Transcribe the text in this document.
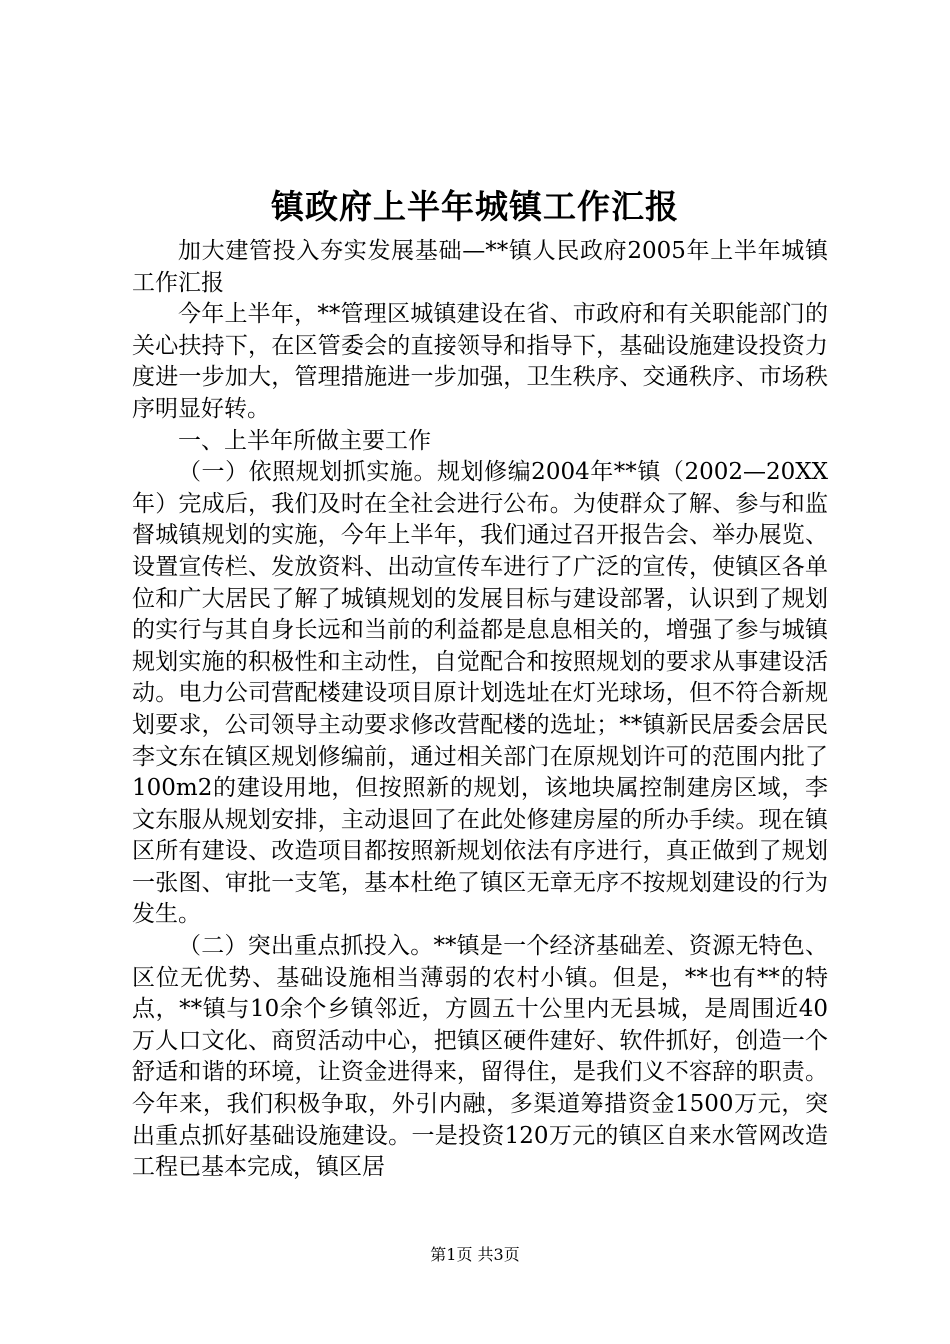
镇政府上半年城镇工作汇报

加大建管投入夯实发展基础—**镇人民政府2005年上半年城镇工作汇报

今年上半年，**管理区城镇建设在省、市政府和有关职能部门的关心扶持下，在区管委会的直接领导和指导下，基础设施建设投资力度进一步加大，管理措施进一步加强，卫生秩序、交通秩序、市场秩序明显好转。

一、上半年所做主要工作

（一）依照规划抓实施。规划修编2004年**镇（2002—20XX年）完成后，我们及时在全社会进行公布。为使群众了解、参与和监督城镇规划的实施，今年上半年，我们通过召开报告会、举办展览、设置宣传栏、发放资料、出动宣传车进行了广泛的宣传，使镇区各单位和广大居民了解了城镇规划的发展目标与建设部署，认识到了规划的实行与其自身长远和当前的利益都是息息相关的，增强了参与城镇规划实施的积极性和主动性，自觉配合和按照规划的要求从事建设活动。电力公司营配楼建设项目原计划选址在灯光球场，但不符合新规划要求，公司领导主动要求修改营配楼的选址；**镇新民居委会居民李文东在镇区规划修编前，通过相关部门在原规划许可的范围内批了100m2的建设用地，但按照新的规划，该地块属控制建房区域，李文东服从规划安排，主动退回了在此处修建房屋的所办手续。现在镇区所有建设、改造项目都按照新规划依法有序进行，真正做到了规划一张图、审批一支笔，基本杜绝了镇区无章无序不按规划建设的行为发生。

（二）突出重点抓投入。**镇是一个经济基础差、资源无特色、区位无优势、基础设施相当薄弱的农村小镇。但是，**也有**的特点，**镇与10余个乡镇邻近，方圆五十公里内无县城，是周围近40万人口文化、商贸活动中心，把镇区硬件建好、软件抓好，创造一个舒适和谐的环境，让资金进得来，留得住，是我们义不容辞的职责。今年来，我们积极争取，外引内融，多渠道筹措资金1500万元，突出重点抓好基础设施建设。一是投资120万元的镇区自来水管网改造工程已基本完成，镇区居

第1页 共3页
